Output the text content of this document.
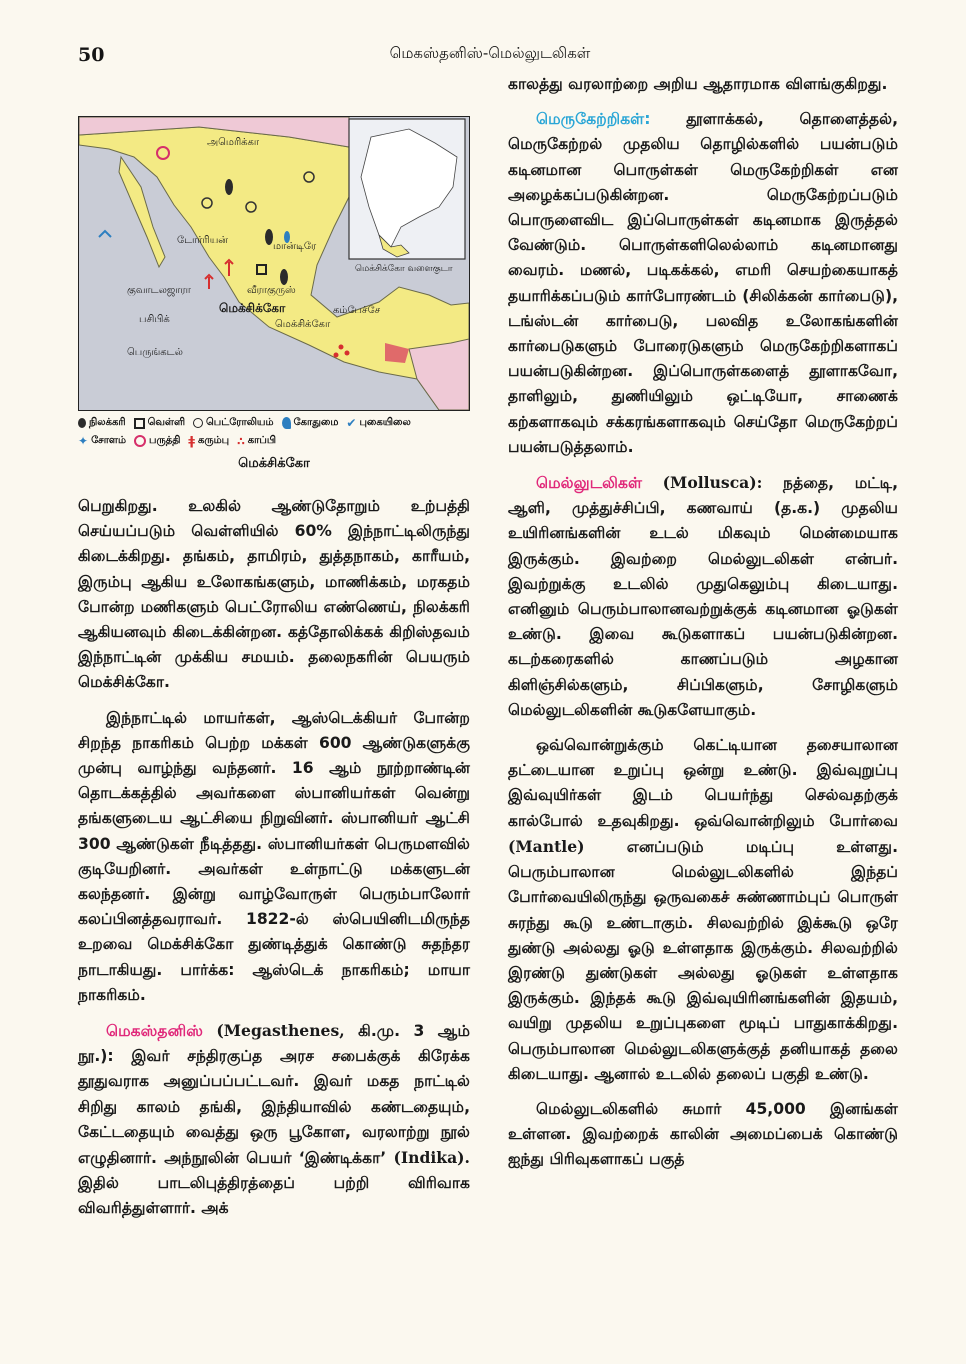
50	மெகஸ்தனிஸ்-மெல்லுடலிகள்
அமெரிக்கா
டோர்ரியன்
மான்டிரே
குவாடலஜாரா
பசிபிக்
பெருங்கடல்
மெக்சிக்கோ
மெக்சிக்கோ
வீராகுருஸ்
கம்பேச்சே
மெக்சிக்கோ வளைகுடா
நிலக்கரி வெள்ளி பெட்ரோலியம் கோதுமை ✔ புகையிலை
✦ சோளம் பருத்தி ǂ கரும்பு ∴ காப்பி
மெக்சிக்கோ

பெறுகிறது. உலகில் ஆண்டுதோறும் உற்பத்தி செய்யப்படும் வெள்ளியில் 60% இந்நாட்டிலிருந்து கிடைக்கிறது. தங்கம், தாமிரம், துத்தநாகம், காரீயம், இரும்பு ஆகிய உலோகங்களும், மாணிக்கம், மரகதம் போன்ற மணிகளும் பெட்ரோலிய எண்ணெய், நிலக்கரி ஆகியனவும் கிடைக்கின்றன. கத்தோலிக்கக் கிறிஸ்தவம் இந்நாட்டின் முக்கிய சமயம். தலைநகரின் பெயரும் மெக்சிக்கோ.

இந்நாட்டில் மாயர்கள், ஆஸ்டெக்கியர் போன்ற சிறந்த நாகரிகம் பெற்ற மக்கள் 600 ஆண்டுகளுக்கு முன்பு வாழ்ந்து வந்தனர். 16 ஆம் நூற்றாண்டின் தொடக்கத்தில் அவர்களை ஸ்பானியர்கள் வென்று தங்களுடைய ஆட்சியை நிறுவினர். ஸ்பானியர் ஆட்சி 300 ஆண்டுகள் நீடித்தது. ஸ்பானியர்கள் பெருமளவில் குடியேறினர். அவர்கள் உள்நாட்டு மக்களுடன் கலந்தனர். இன்று வாழ்வோருள் பெரும்பாலோர் கலப்பினத்தவராவர். 1822-ல் ஸ்பெயினிடமிருந்த உறவை மெக்சிக்கோ துண்டித்துக் கொண்டு சுதந்தர நாடாகியது. பார்க்க: ஆஸ்டெக் நாகரிகம்; மாயா நாகரிகம்.

மெகஸ்தனிஸ் (Megasthenes, கி.மு. 3 ஆம் நூ.): இவர் சந்திரகுப்த அரச சபைக்குக் கிரேக்க தூதுவராக அனுப்பப்பட்டவர். இவர் மகத நாட்டில் சிறிது காலம் தங்கி, இந்தியாவில் கண்டதையும், கேட்டதையும் வைத்து ஒரு பூகோள, வரலாற்று நூல் எழுதினார். அந்நூலின் பெயர் ‘இண்டிக்கா’ (Indika). இதில் பாடலிபுத்திரத்தைப் பற்றி விரிவாக விவரித்துள்ளார். அக்

காலத்து வரலாற்றை அறிய ஆதாரமாக விளங்குகிறது.

மெருகேற்றிகள்: தூளாக்கல், தொளைத்தல், மெருகேற்றல் முதலிய தொழில்களில் பயன்படும் கடினமான பொருள்கள் மெருகேற்றிகள் என அழைக்கப்படுகின்றன. மெருகேற்றப்படும் பொருளைவிட இப்பொருள்கள் கடினமாக இருத்தல் வேண்டும். பொருள்களிலெல்லாம் கடினமானது வைரம். மணல், படிகக்கல், எமரி செயற்கையாகத் தயாரிக்கப்படும் கார்போரண்டம் (சிலிக்கன் கார்பைடு), டங்ஸ்டன் கார்பைடு, பலவித உலோகங்களின் கார்பைடுகளும் போரைடுகளும் மெருகேற்றிகளாகப் பயன்படுகின்றன. இப்பொருள்களைத் தூளாகவோ, தாளிலும், துணியிலும் ஒட்டியோ, சாணைக் கற்களாகவும் சக்கரங்களாகவும் செய்தோ மெருகேற்றப் பயன்படுத்தலாம்.

மெல்லுடலிகள் (Mollusca): நத்தை, மட்டி, ஆளி, முத்துச்சிப்பி, கணவாய் (த.க.) முதலிய உயிரினங்களின் உடல் மிகவும் மென்மையாக இருக்கும். இவற்றை மெல்லுடலிகள் என்பர். இவற்றுக்கு உடலில் முதுகெலும்பு கிடையாது. எனினும் பெரும்பாலானவற்றுக்குக் கடினமான ஓடுகள் உண்டு. இவை கூடுகளாகப் பயன்படுகின்றன. கடற்கரைகளில் காணப்படும் அழகான கிளிஞ்சில்களும், சிப்பிகளும், சோழிகளும் மெல்லுடலிகளின் கூடுகளேயாகும்.

ஒவ்வொன்றுக்கும் கெட்டியான தசையாலான தட்டையான உறுப்பு ஒன்று உண்டு. இவ்வுறுப்பு இவ்வுயிர்கள் இடம் பெயர்ந்து செல்வதற்குக் கால்போல் உதவுகிறது. ஒவ்வொன்றிலும் போர்வை (Mantle) எனப்படும் மடிப்பு உள்ளது. பெரும்பாலான மெல்லுடலிகளில் இந்தப் போர்வையிலிருந்து ஒருவகைச் சுண்ணாம்புப் பொருள் சுரந்து கூடு உண்டாகும். சிலவற்றில் இக்கூடு ஒரே துண்டு அல்லது ஓடு உள்ளதாக இருக்கும். சிலவற்றில் இரண்டு துண்டுகள் அல்லது ஓடுகள் உள்ளதாக இருக்கும். இந்தக் கூடு இவ்வுயிரினங்களின் இதயம், வயிறு முதலிய உறுப்புகளை மூடிப் பாதுகாக்கிறது. பெரும்பாலான மெல்லுடலிகளுக்குத் தனியாகத் தலை கிடையாது. ஆனால் உடலில் தலைப் பகுதி உண்டு.

மெல்லுடலிகளில் சுமார் 45,000 இனங்கள் உள்ளன. இவற்றைக் காலின் அமைப்பைக் கொண்டு ஐந்து பிரிவுகளாகப் பகுத்
